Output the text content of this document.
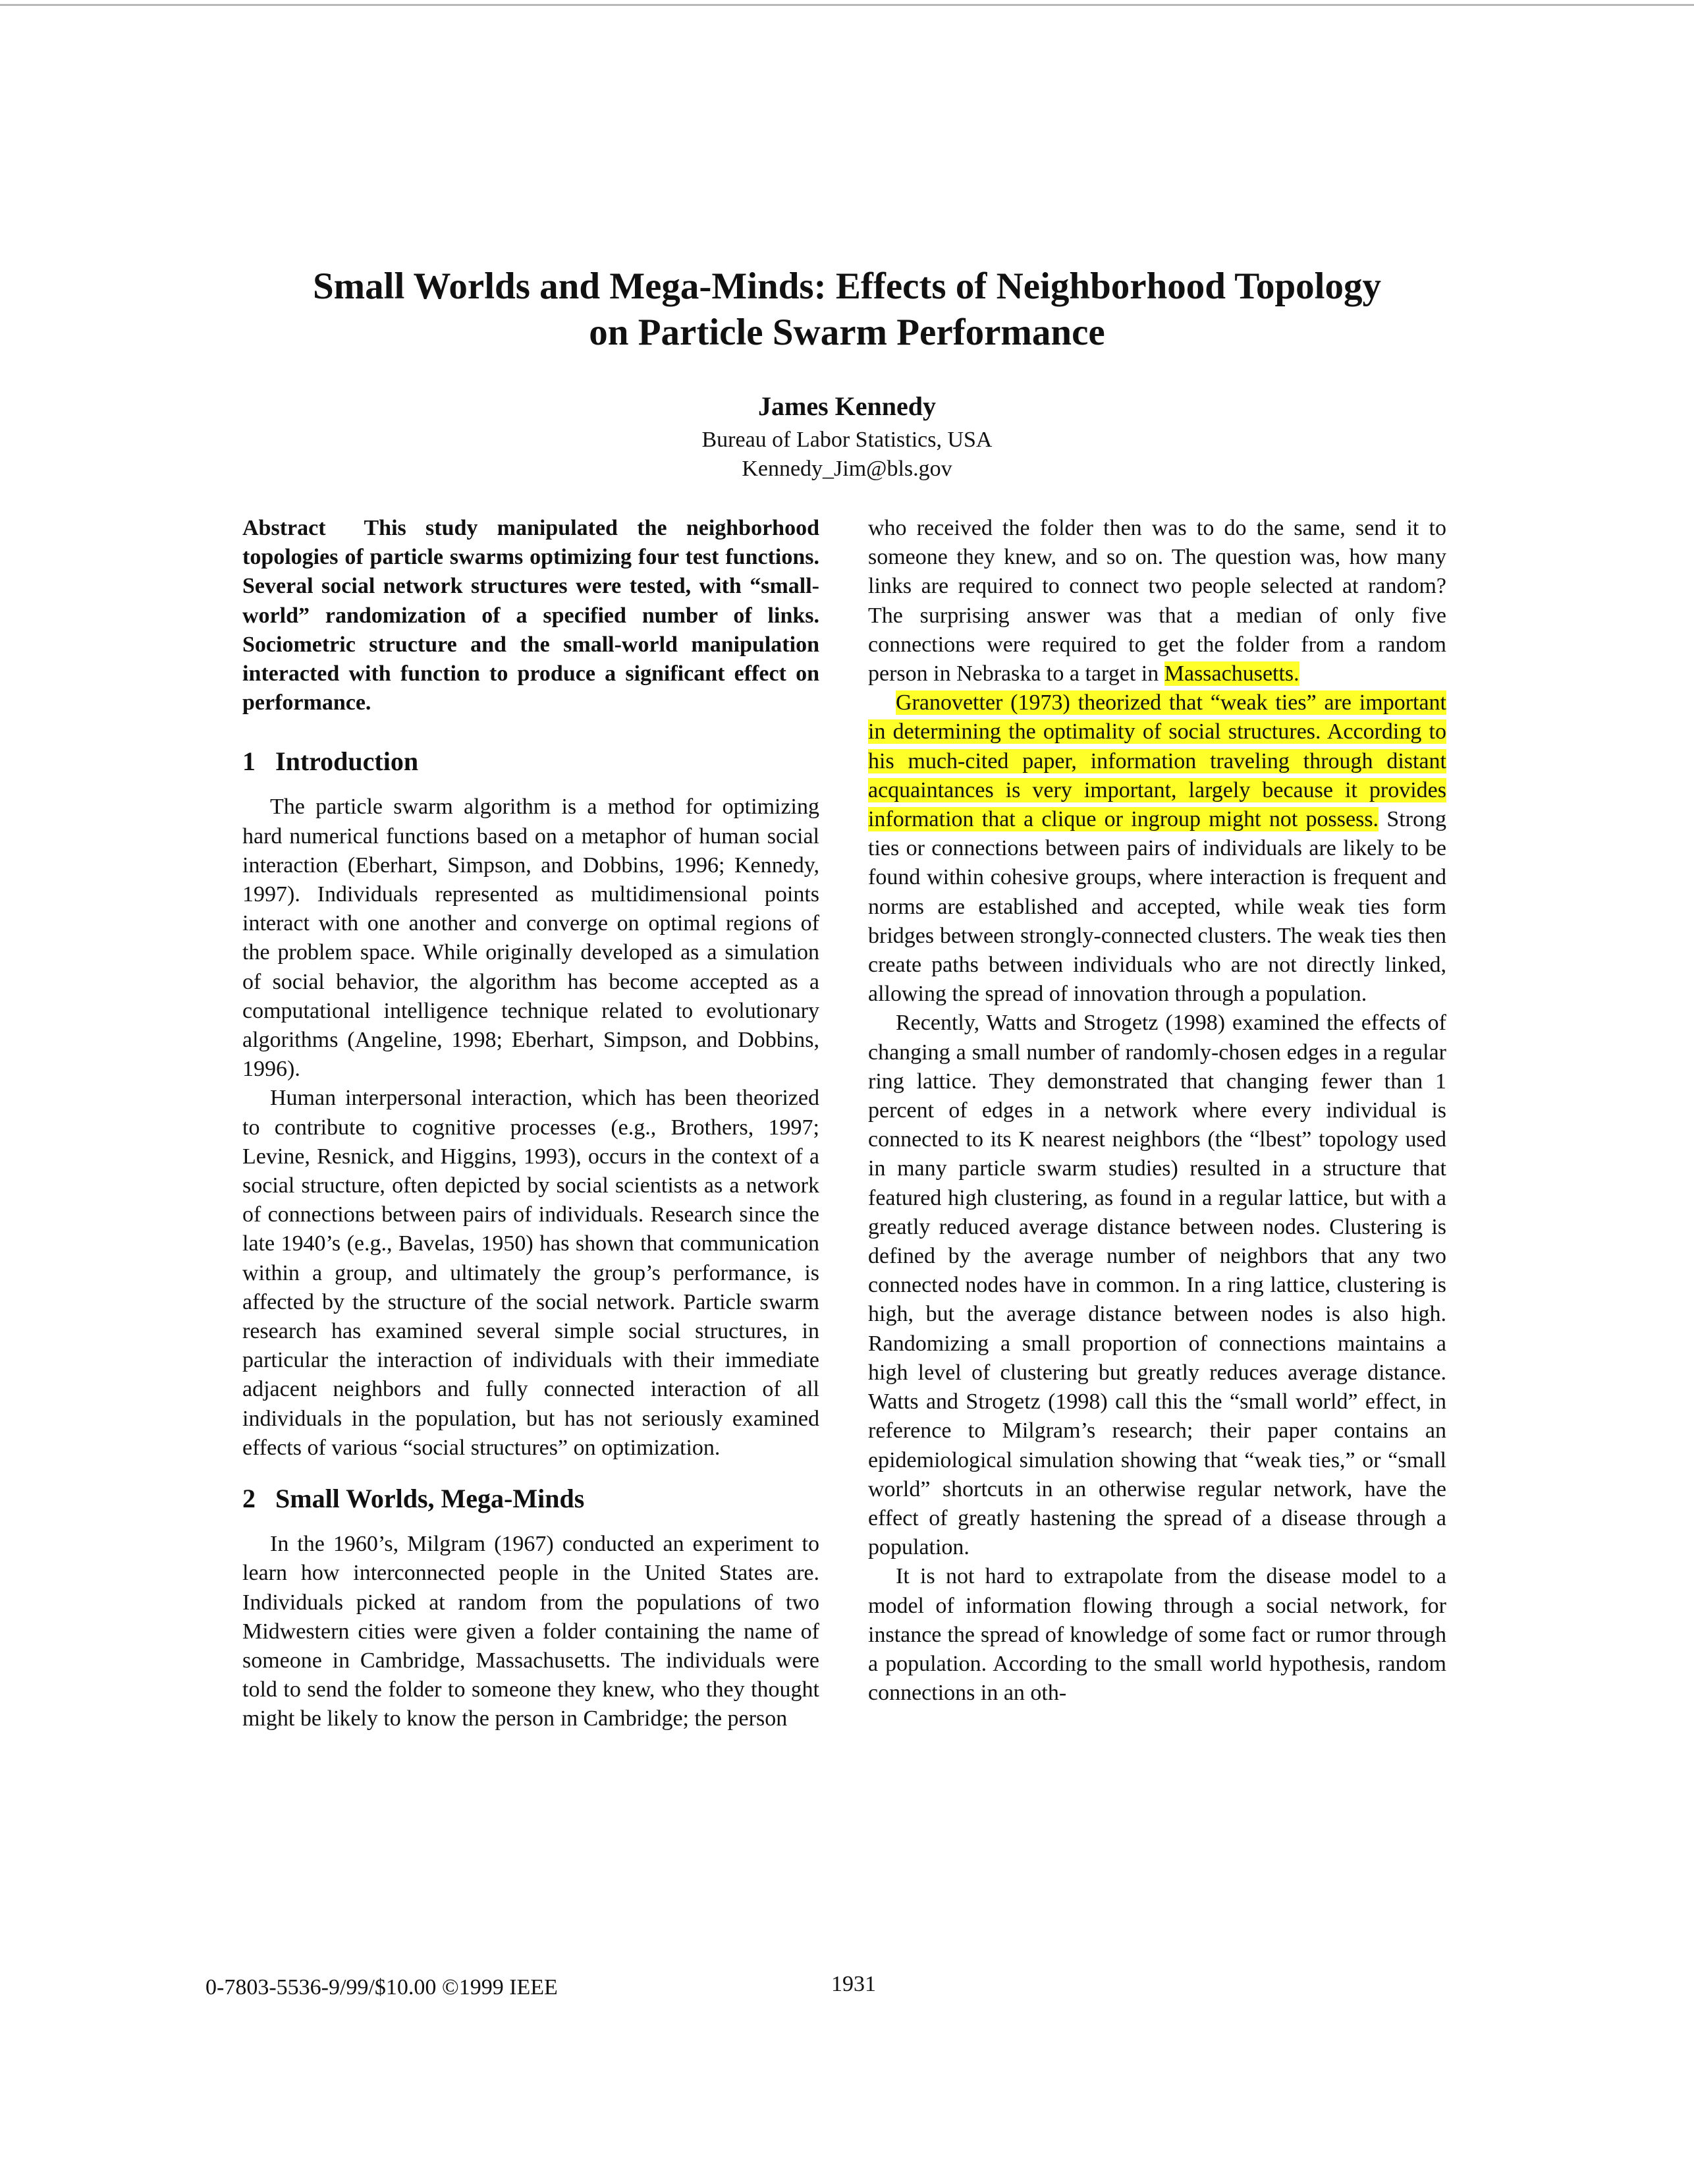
Small Worlds and Mega-Minds: Effects of Neighborhood Topology
on Particle Swarm Performance
James Kennedy
Bureau of Labor Statistics, USA
Kennedy_Jim@bls.gov

Abstract This study manipulated the neighborhood topologies of particle swarms optimizing four test functions. Several social network structures were tested, with “small-world” randomization of a specified number of links. Sociometric structure and the small-world manipulation interacted with function to produce a significant effect on performance.

1 Introduction

The particle swarm algorithm is a method for optimizing hard numerical functions based on a metaphor of human social interaction (Eberhart, Simpson, and Dobbins, 1996; Kennedy, 1997). Individuals represented as multidimensional points interact with one another and converge on optimal regions of the problem space. While originally developed as a simulation of social behavior, the algorithm has become accepted as a computational intelligence technique related to evolutionary algorithms (Angeline, 1998; Eberhart, Simpson, and Dobbins, 1996).

Human interpersonal interaction, which has been theorized to contribute to cognitive processes (e.g., Brothers, 1997; Levine, Resnick, and Higgins, 1993), occurs in the context of a social structure, often depicted by social scientists as a network of connections between pairs of individuals. Research since the late 1940’s (e.g., Bavelas, 1950) has shown that communication within a group, and ultimately the group’s performance, is affected by the structure of the social network. Particle swarm research has examined several simple social structures, in particular the interaction of individuals with their immediate adjacent neighbors and fully connected interaction of all individuals in the population, but has not seriously examined effects of various “social structures” on optimization.

2 Small Worlds, Mega-Minds

In the 1960’s, Milgram (1967) conducted an experiment to learn how interconnected people in the United States are. Individuals picked at random from the populations of two Midwestern cities were given a folder containing the name of someone in Cambridge, Massachusetts. The individuals were told to send the folder to someone they knew, who they thought might be likely to know the person in Cambridge; the person

who received the folder then was to do the same, send it to someone they knew, and so on. The question was, how many links are required to connect two people selected at random? The surprising answer was that a median of only five connections were required to get the folder from a random person in Nebraska to a target in Massachusetts.

Granovetter (1973) theorized that “weak ties” are important in determining the optimality of social structures. According to his much-cited paper, information traveling through distant acquaintances is very important, largely because it provides information that a clique or ingroup might not possess. Strong ties or connections between pairs of individuals are likely to be found within cohesive groups, where interaction is frequent and norms are established and accepted, while weak ties form bridges between strongly-connected clusters. The weak ties then create paths between individuals who are not directly linked, allowing the spread of innovation through a population.

Recently, Watts and Strogetz (1998) examined the effects of changing a small number of randomly-chosen edges in a regular ring lattice. They demonstrated that changing fewer than 1 percent of edges in a network where every individual is connected to its K nearest neighbors (the “lbest” topology used in many particle swarm studies) resulted in a structure that featured high clustering, as found in a regular lattice, but with a greatly reduced average distance between nodes. Clustering is defined by the average number of neighbors that any two connected nodes have in common. In a ring lattice, clustering is high, but the average distance between nodes is also high. Randomizing a small proportion of connections maintains a high level of clustering but greatly reduces average distance. Watts and Strogetz (1998) call this the “small world” effect, in reference to Milgram’s research; their paper contains an epidemiological simulation showing that “weak ties,” or “small world” shortcuts in an otherwise regular network, have the effect of greatly hastening the spread of a disease through a population.

It is not hard to extrapolate from the disease model to a model of information flowing through a social network, for instance the spread of knowledge of some fact or rumor through a population. According to the small world hypothesis, random connections in an oth-

0-7803-5536-9/99/$10.00 ©1999 IEEE	1931
